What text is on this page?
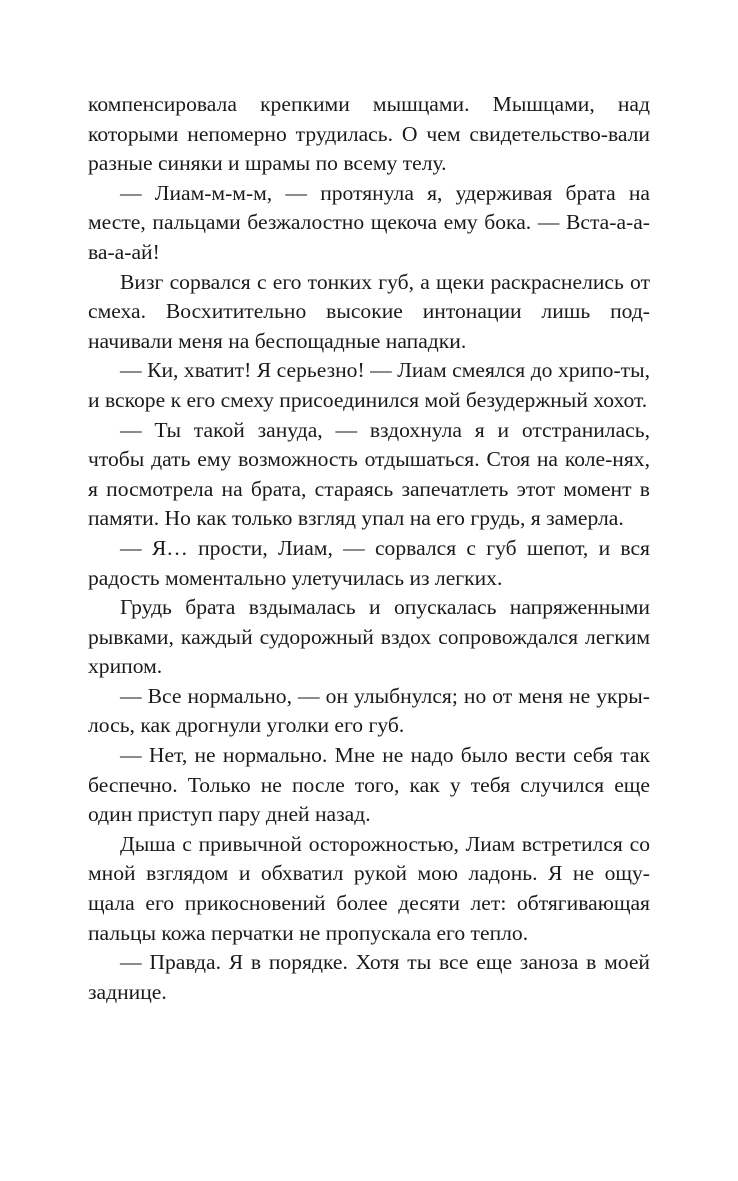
компенсировала крепкими мышцами. Мышцами, над которыми непомерно трудилась. О чем свидетельство-вали разные синяки и шрамы по всему телу.

— Лиам-м-м-м, — протянула я, удерживая брата на месте, пальцами безжалостно щекоча ему бока. — Вста-а-а-ва-а-ай!

Визг сорвался с его тонких губ, а щеки раскраснелись от смеха. Восхитительно высокие интонации лишь под-начивали меня на беспощадные нападки.

— Ки, хватит! Я серьезно! — Лиам смеялся до хрипо-ты, и вскоре к его смеху присоединился мой безудержный хохот.

— Ты такой зануда, — вздохнула я и отстранилась, чтобы дать ему возможность отдышаться. Стоя на коле-нях, я посмотрела на брата, стараясь запечатлеть этот момент в памяти. Но как только взгляд упал на его грудь, я замерла.

— Я… прости, Лиам, — сорвался с губ шепот, и вся радость моментально улетучилась из легких.

Грудь брата вздымалась и опускалась напряженными рывками, каждый судорожный вздох сопровождался легким хрипом.

— Все нормально, — он улыбнулся; но от меня не укры-лось, как дрогнули уголки его губ.

— Нет, не нормально. Мне не надо было вести себя так беспечно. Только не после того, как у тебя случился еще один приступ пару дней назад.

Дыша с привычной осторожностью, Лиам встретился со мной взглядом и обхватил рукой мою ладонь. Я не ощу-щала его прикосновений более десяти лет: обтягивающая пальцы кожа перчатки не пропускала его тепло.

— Правда. Я в порядке. Хотя ты все еще заноза в моей заднице.
